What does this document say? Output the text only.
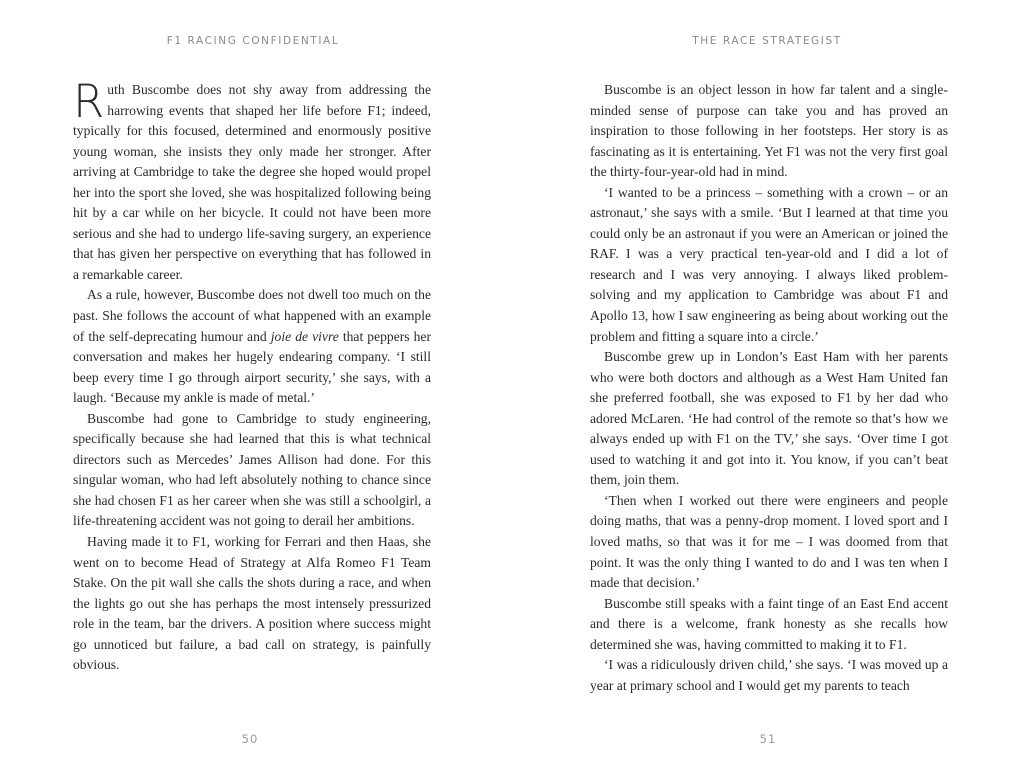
F1 RACING CONFIDENTIAL

Ruth Buscombe does not shy away from addressing the harrowing events that shaped her life before F1; indeed, typically for this focused, determined and enormously positive young woman, she insists they only made her stronger. After arriving at Cambridge to take the degree she hoped would propel her into the sport she loved, she was hospitalized following being hit by a car while on her bicycle. It could not have been more serious and she had to undergo life-saving surgery, an experience that has given her perspective on everything that has followed in a remarkable career.

As a rule, however, Buscombe does not dwell too much on the past. She follows the account of what happened with an example of the self-deprecating humour and joie de vivre that peppers her conversation and makes her hugely endearing company. ‘I still beep every time I go through airport security,’ she says, with a laugh. ‘Because my ankle is made of metal.’

Buscombe had gone to Cambridge to study engineering, specifically because she had learned that this is what technical directors such as Mercedes’ James Allison had done. For this singular woman, who had left absolutely nothing to chance since she had chosen F1 as her career when she was still a schoolgirl, a life-threatening accident was not going to derail her ambitions.

Having made it to F1, working for Ferrari and then Haas, she went on to become Head of Strategy at Alfa Romeo F1 Team Stake. On the pit wall she calls the shots during a race, and when the lights go out she has perhaps the most intensely pressurized role in the team, bar the drivers. A position where success might go unnoticed but failure, a bad call on strategy, is painfully obvious.

50
THE RACE STRATEGIST

Buscombe is an object lesson in how far talent and a single-minded sense of purpose can take you and has proved an inspiration to those following in her footsteps. Her story is as fascinating as it is entertaining. Yet F1 was not the very first goal the thirty-four-year-old had in mind.

‘I wanted to be a princess – something with a crown – or an astronaut,’ she says with a smile. ‘But I learned at that time you could only be an astronaut if you were an American or joined the RAF. I was a very practical ten-year-old and I did a lot of research and I was very annoying. I always liked problem-solving and my application to Cambridge was about F1 and Apollo 13, how I saw engineering as being about working out the problem and fitting a square into a circle.’

Buscombe grew up in London’s East Ham with her parents who were both doctors and although as a West Ham United fan she preferred football, she was exposed to F1 by her dad who adored McLaren. ‘He had control of the remote so that’s how we always ended up with F1 on the TV,’ she says. ‘Over time I got used to watching it and got into it. You know, if you can’t beat them, join them.

‘Then when I worked out there were engineers and people doing maths, that was a penny-drop moment. I loved sport and I loved maths, so that was it for me – I was doomed from that point. It was the only thing I wanted to do and I was ten when I made that decision.’

Buscombe still speaks with a faint tinge of an East End accent and there is a welcome, frank honesty as she recalls how determined she was, having committed to making it to F1.

‘I was a ridiculously driven child,’ she says. ‘I was moved up a year at primary school and I would get my parents to teach

51
